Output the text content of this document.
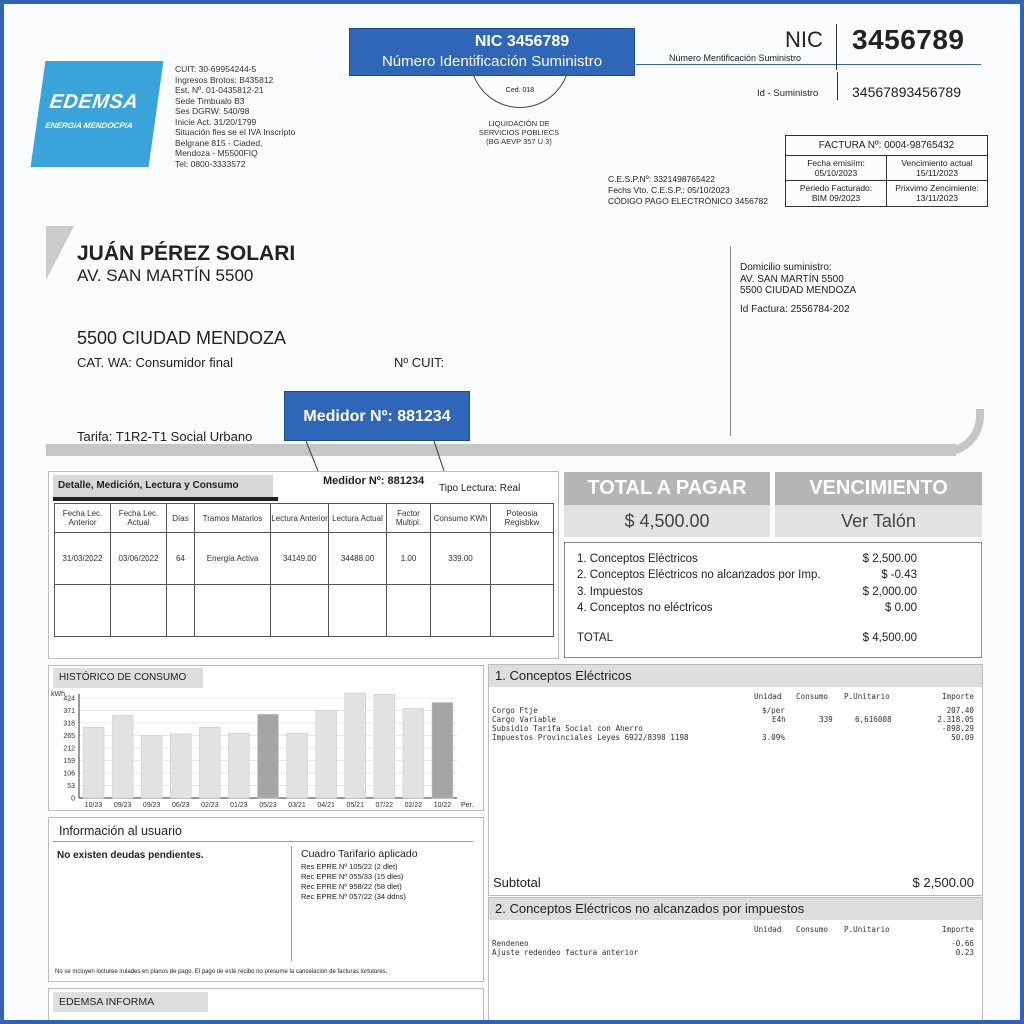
EDEMSA
ENERGIA MENDOCPIA
CUIT: 30-69954244-5
Ingresos Brotos: B435812
Est. Nº. 01-0435812-21
Sede Timbualo B3
Ses DGRW: 540/98
Inicie Act. 31/20/1799
Situación fles se el IVA Inscripto
Belgrane 815 - Ciaded,
Mendoza - M5500FIQ
Tel: 0800-3333572
Ced. 018
LIQUIDACIÓN DE
SERVICIOS POBLIECS
(BG AEVP 357 U 3)
NIC 3456789
Número Identificación Suministro
NIC 3456789
Número Mentificación Suministro
Id - Suministro 34567893456789
FACTURA Nº: 0004-98765432
Fecha emisiím:
05/10/2023
Vencimiento actual
15/11/2023
Periedo Facturado:
BIM 09/2023
Prixvimo Zencimiente:
13/11/2023
C.E.S.P.Nº: 3321498765422
Fechs Vto. C.E.S.P.: 05/10/2023
CÓDIGO PAGO ELECTRÓNICO 3456782
JUÁN PÉREZ SOLARI
AV. SAN MARTÍN 5500
5500 CIUDAD MENDOZA
CAT. WA: Consumidor final	Nº CUIT:
Tarifa: T1R2-T1 Social Urbano
Domicilio suministro:
AV. SAN MARTÍN 5500
5500 CIUDAD MENDOZA
Id Factura: 2556784-202
Medidor Nº: 881234
Detalle, Medición, Lectura y Consumo	Medidor Nº: 881234
Tipo Lectura: Real
Fecha Lec. Anterior	Fecha Lec. Actual	Días	Tramos Matarlos	Lectura Anterior	Lectura Actual	Factor Multipl.	Consumo KWh	Poteosia Regisbkw
31/03/2022	03/06/2022	64	Energía Activa	34149.00	34488.00	1.00	339.00	

TOTAL A PAGAR
$ 4,500.00
VENCIMIENTO
Ver Talón
1. Conceptos Eléctricos	$ 2,500.00
2. Conceptos Eléctricos no alcanzados por Imp.	$ -0.43
3. Impuestos	$ 2,000.00
4. Conceptos no eléctricos	$ 0.00
TOTAL	$ 4,500.00
HISTÓRICO DE CONSUMO
kWh
Per.
0
53
106
159
212
265
318
371
424
10/23 09/23 09/23 06/23 02/23 01/23 05/23 03/21 04/21 05/21 07/22 02/22 10/22
Información al usuario
No existen deudas pendientes.	Cuadro Tarifario aplicado
Res EPRE Nº 105/22 (2 dlet)
Rec EPRE Nº 055/33 (15 dles)
Rec EPRE Nº 958/22 (58 dlet)
Rec EPRE Nº 057/22 (34 ddns)
No se mcluyen locturee irulades en planos de pago. El pago de este recibo no presume la cancelación de facturas lortutores.
EDEMSA INFORMA
1. Conceptos Eléctricos
Unidad Consumo P.Unitario	Importe
Corgo Ftje	$/per	207.40
Cargo Variable	E4h	339	6,616008	2.318.05
Subsidio Tarifa Social con Aherro	-898.29
Impuestos Provinciales Leyes 6922/8398 1198	3.09%	50.09
Subtotal	$ 2,500.00
2. Conceptos Eléctricos no alcanzados por impuestos
Unidad Consumo P.Unitario	Importe
Rendeneo	-0.66
Ajuste redendeo factura anterior	0.23
